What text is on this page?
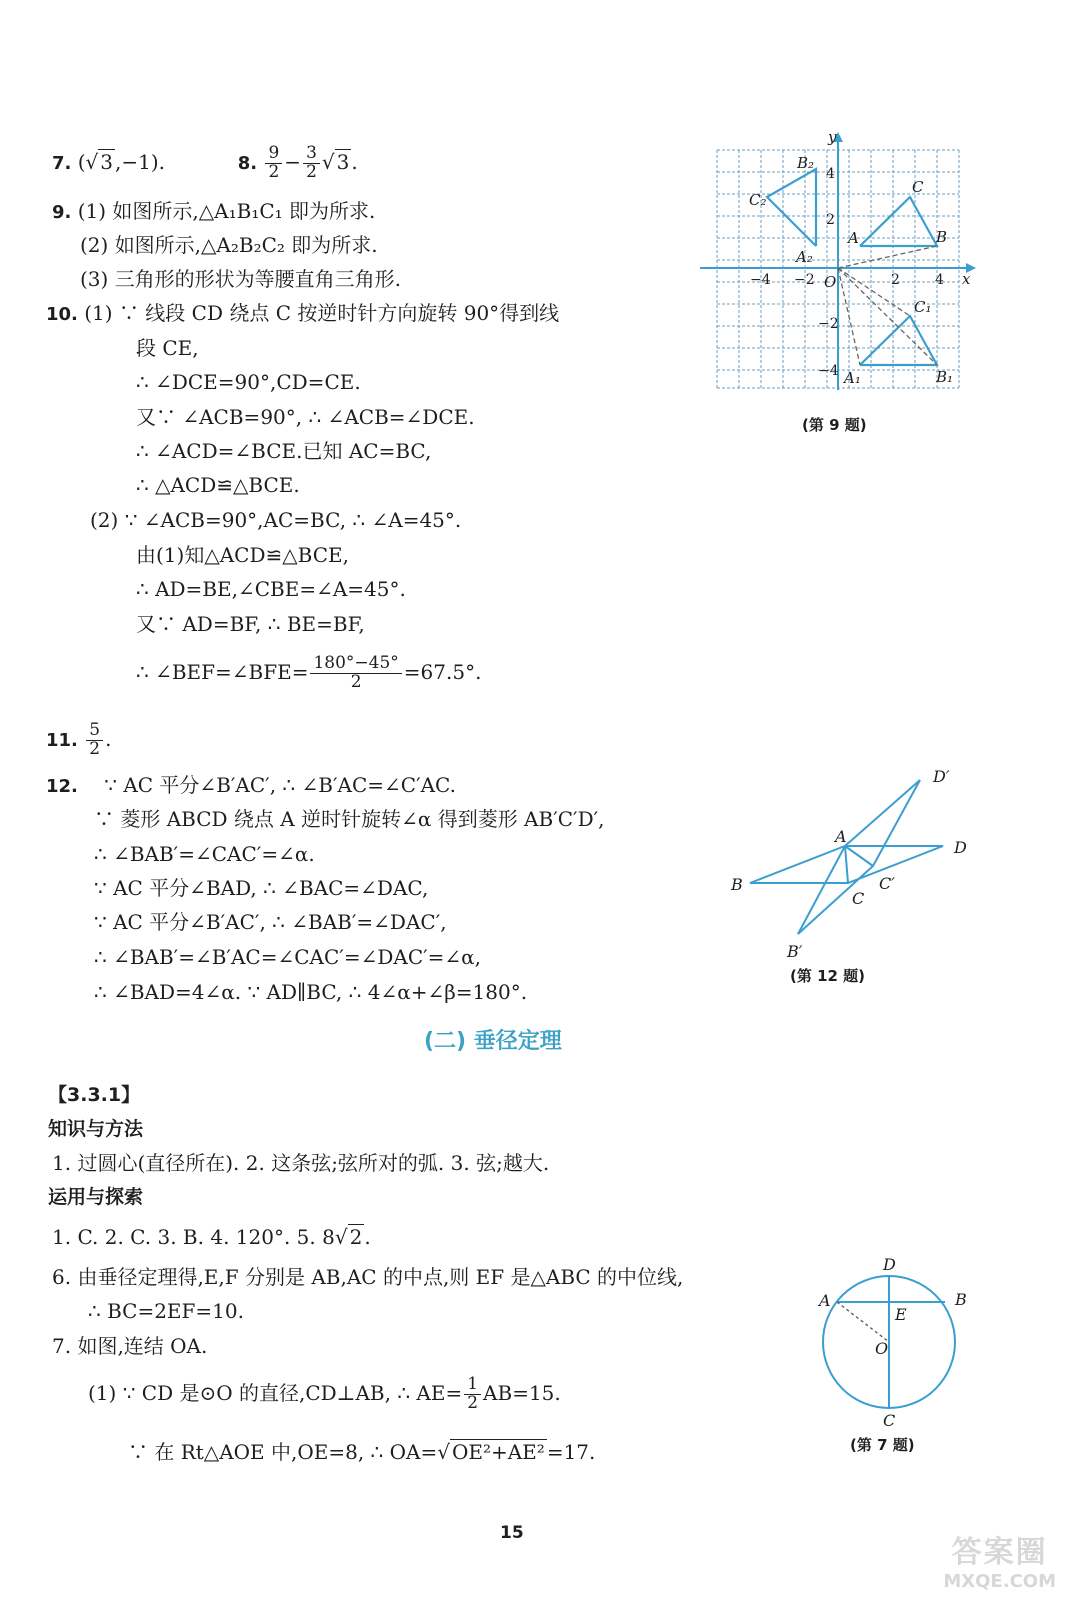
7. (√ 3 ,−1).	8. $\frac{9}{2} - \frac{3}{2}$ √ 3 .
9. (1) 如图所示,△A₁B₁C₁ 即为所求.
(2) 如图所示,△A₂B₂C₂ 即为所求.
(3) 三角形的形状为等腰直角三角形.
10. (1) ∵ 线段 CD 绕点 C 按逆时针方向旋转 90°得到线
段 CE,
∴ ∠DCE=90°,CD=CE.
又∵ ∠ACB=90°, ∴ ∠ACB=∠DCE.
∴ ∠ACD=∠BCE.已知 AC=BC,
∴ △ACD≌△BCE.
(2) ∵ ∠ACB=90°,AC=BC, ∴ ∠A=45°.
由(1)知△ACD≌△BCE,
∴ AD=BE,∠CBE=∠A=45°.
又∵ AD=BF, ∴ BE=BF,
∴ ∠BEF=∠BFE= $\frac{180^\circ-45^\circ}{2} =67.5^\circ$.
11. $\frac{5}{2}$ .
12. ∵ AC 平分∠B′AC′, ∴ ∠B′AC=∠C′AC.
∵ 菱形 ABCD 绕点 A 逆时针旋转∠α 得到菱形 AB′C′D′,
∴ ∠BAB′=∠CAC′=∠α.
∵ AC 平分∠BAD, ∴ ∠BAC=∠DAC,
∵ AC 平分∠B′AC′, ∴ ∠BAB′=∠DAC′,
∴ ∠BAB′=∠B′AC=∠CAC′=∠DAC′=∠α,
∴ ∠BAD=4∠α. ∵ AD∥BC, ∴ 4∠α+∠β=180°.
(二) 垂径定理
【3.3.1】
知识与方法
1. 过圆心(直径所在). 2. 这条弦;弦所对的弧. 3. 弦;越大.
运用与探索
1. C. 2. C. 3. B. 4. 120°. 5. 8√ 2 .
6. 由垂径定理得,E,F 分别是 AB,AC 的中点,则 EF 是△ABC 的中位线,
∴ BC=2EF=10.
7. 如图,连结 OA.
(1) ∵ CD 是⊙O 的直径,CD⊥AB, ∴ $AE= \frac{1}{2} AB=15$.
∵ 在 Rt△AOE 中,OE=8, ∴ OA=√ OE²+AE² =17.
15
y
x
O
B₂
C₂
A₂
A	B
C
C₁
A₁	B₁
−4 −2	2	4
4
2
−2
−4
(第 9 题)
D′
A
D
B	C′
C
B′
(第 12 题)
D
A	B
E
O
C
(第 7 题)
答案圈
MXQE.COM
